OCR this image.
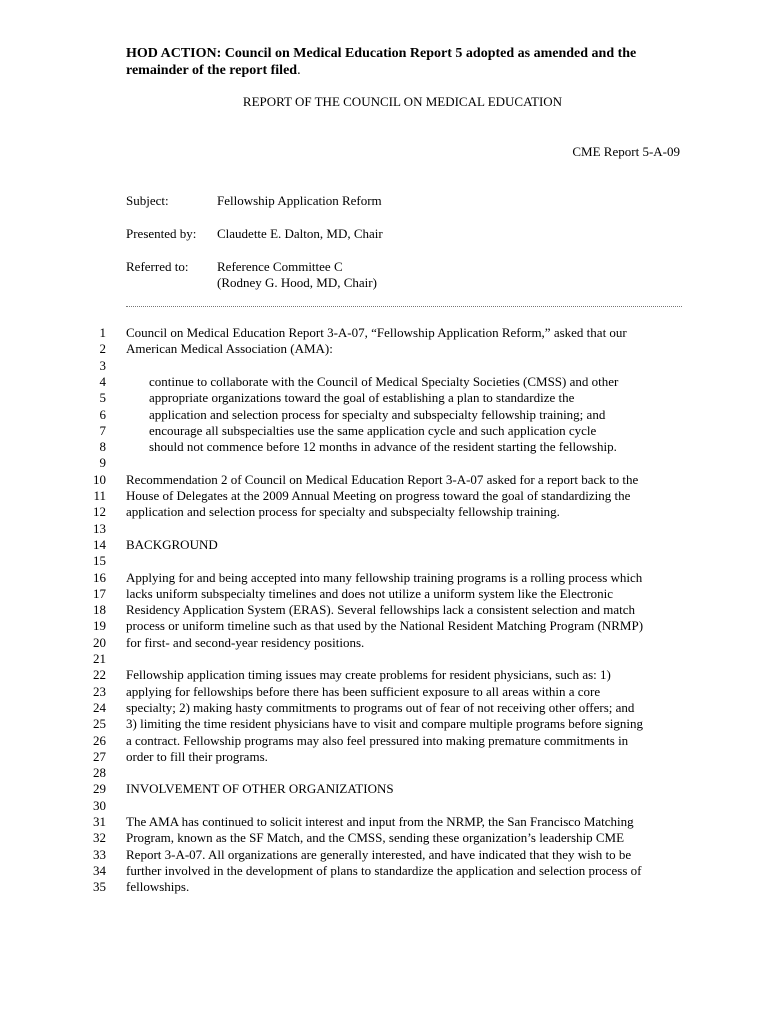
HOD ACTION: Council on Medical Education Report 5 adopted as amended and the
remainder of the report filed.
REPORT OF THE COUNCIL ON MEDICAL EDUCATION
CME Report 5-A-09
Subject:	Fellowship Application Reform
Presented by: Claudette E. Dalton, MD, Chair
Referred to: Reference Committee C
(Rodney G. Hood, MD, Chair)
1 Council on Medical Education Report 3-A-07, “Fellowship Application Reform,” asked that our
2 American Medical Association (AMA):
3
4	continue to collaborate with the Council of Medical Specialty Societies (CMSS) and other
5	appropriate organizations toward the goal of establishing a plan to standardize the
6	application and selection process for specialty and subspecialty fellowship training; and
7	encourage all subspecialties use the same application cycle and such application cycle
8	should not commence before 12 months in advance of the resident starting the fellowship.
9
10 Recommendation 2 of Council on Medical Education Report 3-A-07 asked for a report back to the
11 House of Delegates at the 2009 Annual Meeting on progress toward the goal of standardizing the
12 application and selection process for specialty and subspecialty fellowship training.
13
14 BACKGROUND
15
16 Applying for and being accepted into many fellowship training programs is a rolling process which
17 lacks uniform subspecialty timelines and does not utilize a uniform system like the Electronic
18 Residency Application System (ERAS). Several fellowships lack a consistent selection and match
19 process or uniform timeline such as that used by the National Resident Matching Program (NRMP)
20 for first- and second-year residency positions.
21
22 Fellowship application timing issues may create problems for resident physicians, such as: 1)
23 applying for fellowships before there has been sufficient exposure to all areas within a core
24 specialty; 2) making hasty commitments to programs out of fear of not receiving other offers; and
25 3) limiting the time resident physicians have to visit and compare multiple programs before signing
26 a contract. Fellowship programs may also feel pressured into making premature commitments in
27 order to fill their programs.
28
29 INVOLVEMENT OF OTHER ORGANIZATIONS
30
31 The AMA has continued to solicit interest and input from the NRMP, the San Francisco Matching
32 Program, known as the SF Match, and the CMSS, sending these organization’s leadership CME
33 Report 3-A-07. All organizations are generally interested, and have indicated that they wish to be
34 further involved in the development of plans to standardize the application and selection process of
35 fellowships.
